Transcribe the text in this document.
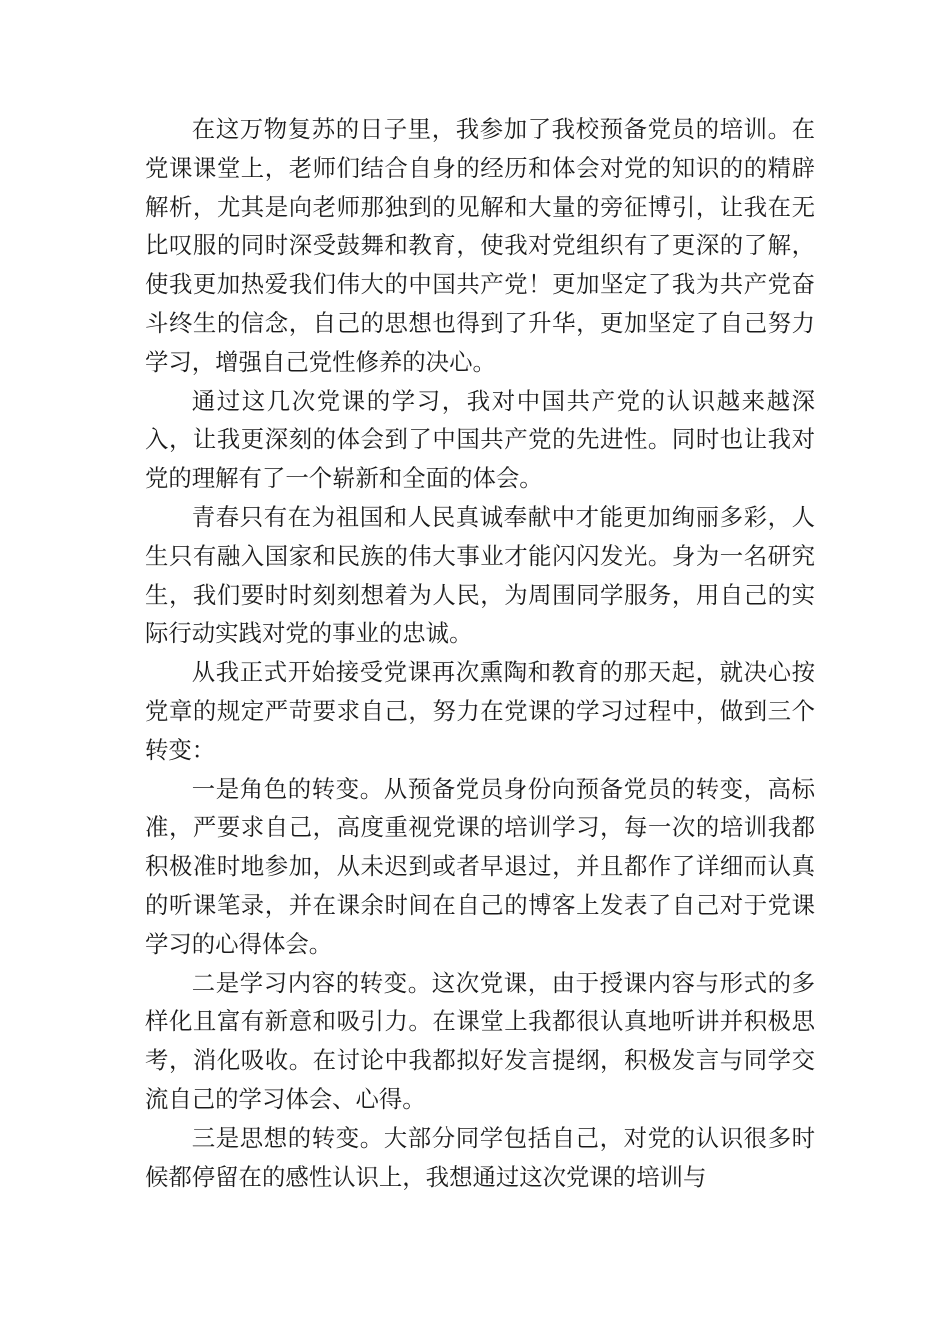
在这万物复苏的日子里，我参加了我校预备党员的培训。在党课课堂上，老师们结合自身的经历和体会对党的知识的的精辟解析，尤其是向老师那独到的见解和大量的旁征博引，让我在无比叹服的同时深受鼓舞和教育，使我对党组织有了更深的了解，使我更加热爱我们伟大的中国共产党！更加坚定了我为共产党奋斗终生的信念，自己的思想也得到了升华，更加坚定了自己努力学习，增强自己党性修养的决心。

通过这几次党课的学习，我对中国共产党的认识越来越深入，让我更深刻的体会到了中国共产党的先进性。同时也让我对党的理解有了一个崭新和全面的体会。

青春只有在为祖国和人民真诚奉献中才能更加绚丽多彩，人生只有融入国家和民族的伟大事业才能闪闪发光。身为一名研究生，我们要时时刻刻想着为人民，为周围同学服务，用自己的实际行动实践对党的事业的忠诚。

从我正式开始接受党课再次熏陶和教育的那天起，就决心按党章的规定严苛要求自己，努力在党课的学习过程中，做到三个转变：

一是角色的转变。从预备党员身份向预备党员的转变，高标准，严要求自己，高度重视党课的培训学习，每一次的培训我都积极准时地参加，从未迟到或者早退过，并且都作了详细而认真的听课笔录，并在课余时间在自己的博客上发表了自己对于党课学习的心得体会。

二是学习内容的转变。这次党课，由于授课内容与形式的多样化且富有新意和吸引力。在课堂上我都很认真地听讲并积极思考，消化吸收。在讨论中我都拟好发言提纲，积极发言与同学交流自己的学习体会、心得。

三是思想的转变。大部分同学包括自己，对党的认识很多时候都停留在的感性认识上，我想通过这次党课的培训与
